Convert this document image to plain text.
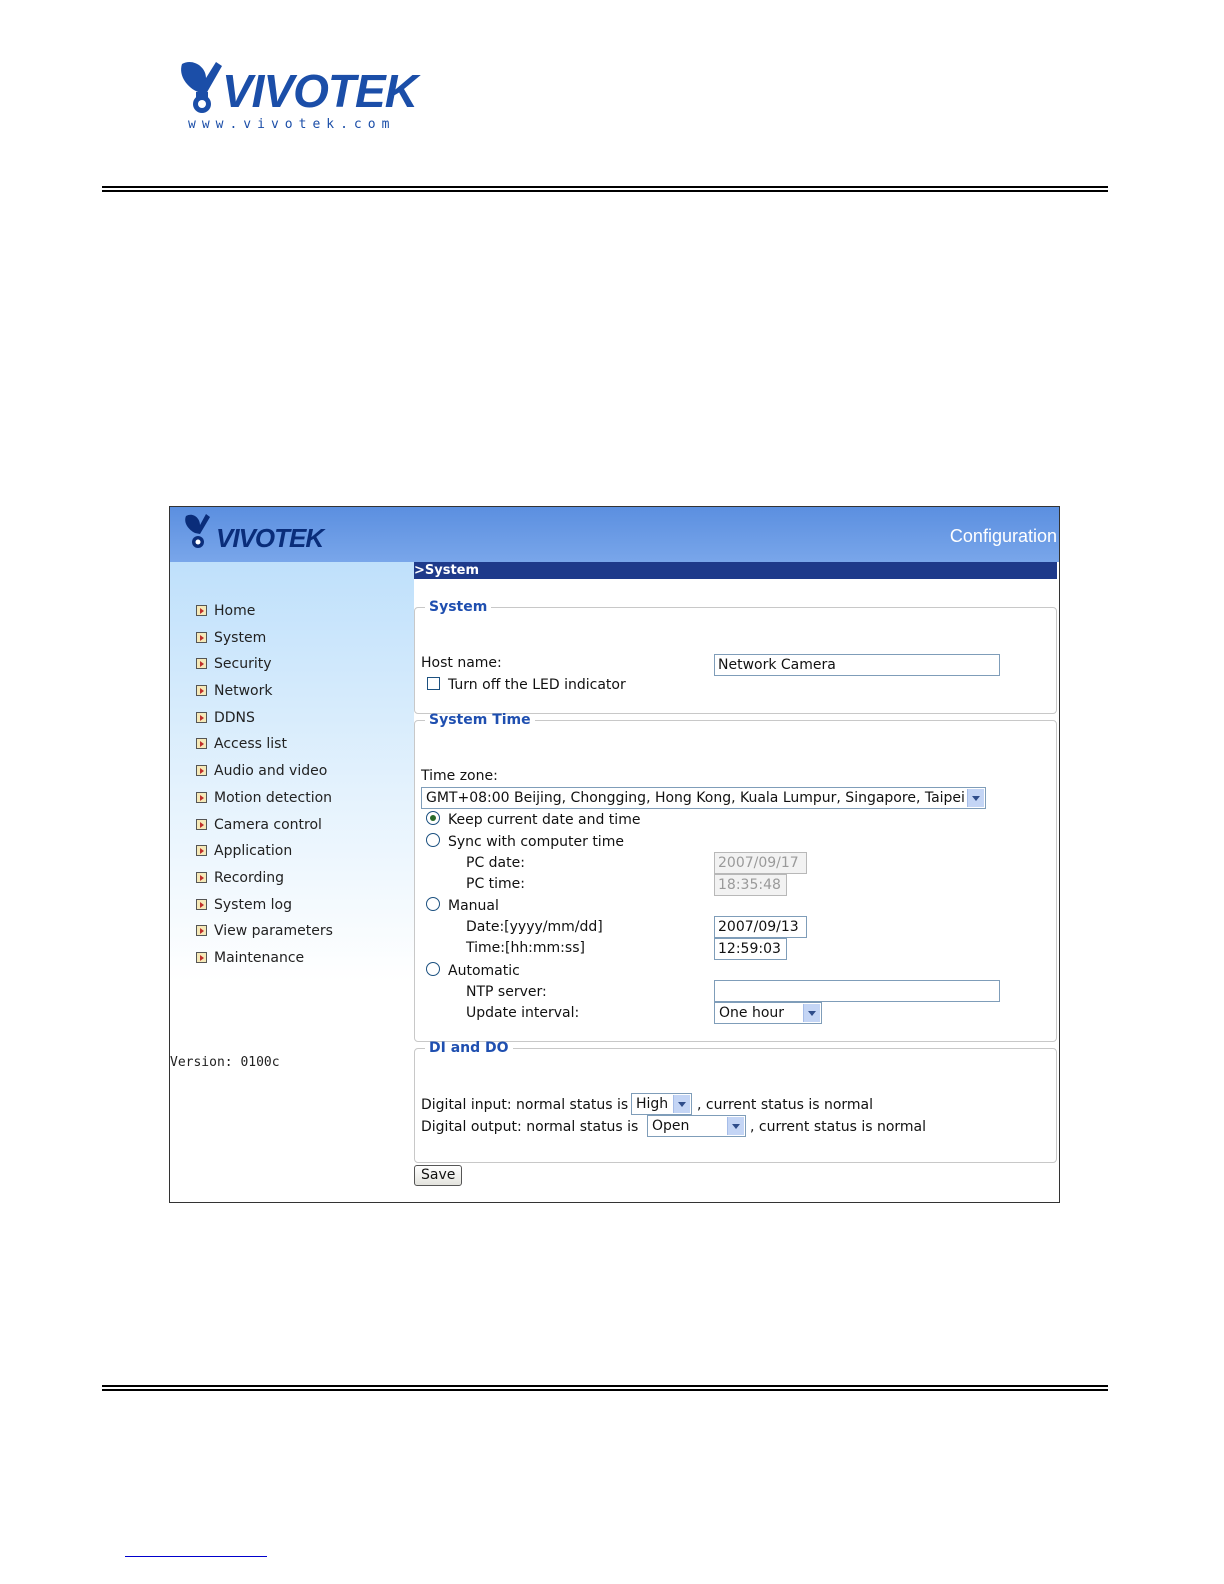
VIVOTEK
www.vivotek.com
VIVOTEK	Configuration
Home
System
Security
Network
DDNS
Access list
Audio and video
Motion detection
Camera control
Application
Recording
System log
View parameters
Maintenance
Version: 0100c
>System
System
Host name:
Network Camera
Turn off the LED indicator
System Time
Time zone:
GMT+08:00 Beijing, Chongging, Hong Kong, Kuala Lumpur, Singapore, Taipei
Keep current date and time
Sync with computer time
PC date:
2007/09/17
PC time:
18:35:48
Manual
Date:[yyyy/mm/dd]
2007/09/13
Time:[hh:mm:ss]
12:59:03
Automatic
NTP server:
Update interval:	One hour
DI and DO
Digital input: normal status is High	, current status is normal
Digital output: normal status is Open	, current status is normal
Save
